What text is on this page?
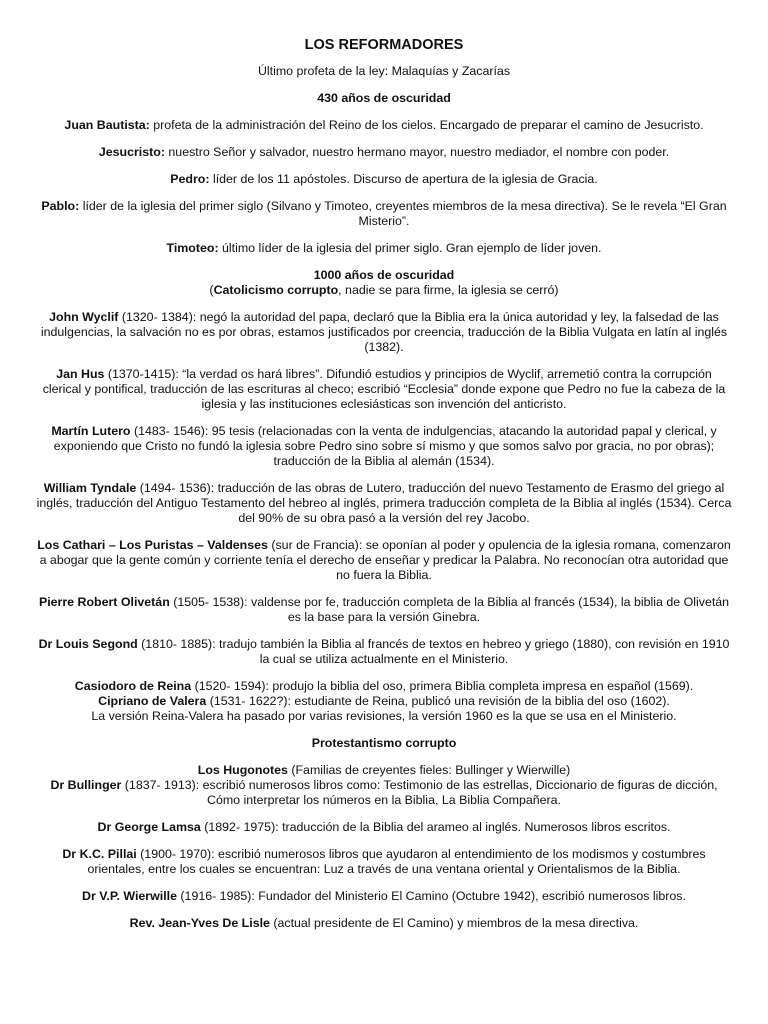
LOS REFORMADORES

Último profeta de la ley: Malaquías y Zacarías

430 años de oscuridad

Juan Bautista: profeta de la administración del Reino de los cielos. Encargado de preparar el camino de Jesucristo.

Jesucristo: nuestro Señor y salvador, nuestro hermano mayor, nuestro mediador, el nombre con poder.

Pedro: líder de los 11 apóstoles. Discurso de apertura de la iglesia de Gracia.

Pablo: líder de la iglesia del primer siglo (Silvano y Timoteo, creyentes miembros de la mesa directiva). Se le revela “El Gran Misterio”.

Timoteo: último líder de la iglesia del primer siglo. Gran ejemplo de líder joven.

1000 años de oscuridad
(Catolicismo corrupto, nadie se para firme, la iglesia se cerró)

John Wyclif (1320- 1384): negó la autoridad del papa, declaró que la Biblia era la única autoridad y ley, la falsedad de las indulgencias, la salvación no es por obras, estamos justificados por creencia, traducción de la Biblia Vulgata en latín al inglés (1382).

Jan Hus (1370-1415): “la verdad os hará libres”. Difundió estudios y principios de Wyclif, arremetió contra la corrupción clerical y pontifical, traducción de las escrituras al checo; escribió “Ecclesia” donde expone que Pedro no fue la cabeza de la iglesia y las instituciones eclesiásticas son invención del anticristo.

Martín Lutero (1483- 1546): 95 tesis (relacionadas con la venta de indulgencias, atacando la autoridad papal y clerical, y exponiendo que Cristo no fundó la iglesia sobre Pedro sino sobre sí mismo y que somos salvo por gracia, no por obras); traducción de la Biblia al alemán (1534).

William Tyndale (1494- 1536): traducción de las obras de Lutero, traducción del nuevo Testamento de Erasmo del griego al inglés, traducción del Antiguo Testamento del hebreo al inglés, primera traducción completa de la Biblia al inglés (1534). Cerca del 90% de su obra pasó a la versión del rey Jacobo.

Los Cathari – Los Puristas – Valdenses (sur de Francia): se oponían al poder y opulencia de la iglesia romana, comenzaron a abogar que la gente común y corriente tenía el derecho de enseñar y predicar la Palabra. No reconocían otra autoridad que no fuera la Biblia.

Pierre Robert Olivetán (1505- 1538): valdense por fe, traducción completa de la Biblia al francés (1534), la biblia de Olivetán es la base para la versión Ginebra.

Dr Louis Segond (1810- 1885): tradujo también la Biblia al francés de textos en hebreo y griego (1880), con revisión en 1910 la cual se utiliza actualmente en el Ministerio.

Casiodoro de Reina (1520- 1594): produjo la biblia del oso, primera Biblia completa impresa en español (1569).
Cipriano de Valera (1531- 1622?): estudiante de Reina, publicó una revisión de la biblia del oso (1602).
La versión Reina-Valera ha pasado por varias revisiones, la versión 1960 es la que se usa en el Ministerio.

Protestantismo corrupto

Los Hugonotes (Familias de creyentes fieles: Bullinger y Wierwille)
Dr Bullinger (1837- 1913): escribió numerosos libros como: Testimonio de las estrellas, Diccionario de figuras de dicción, Cómo interpretar los números en la Biblia, La Biblia Compañera.

Dr George Lamsa (1892- 1975): traducción de la Biblia del arameo al inglés. Numerosos libros escritos.

Dr K.C. Pillai (1900- 1970): escribió numerosos libros que ayudaron al entendimiento de los modismos y costumbres orientales, entre los cuales se encuentran: Luz a través de una ventana oriental y Orientalismos de la Biblia.

Dr V.P. Wierwille (1916- 1985): Fundador del Ministerio El Camino (Octubre 1942), escribió numerosos libros.

Rev. Jean-Yves De Lisle (actual presidente de El Camino) y miembros de la mesa directiva.
